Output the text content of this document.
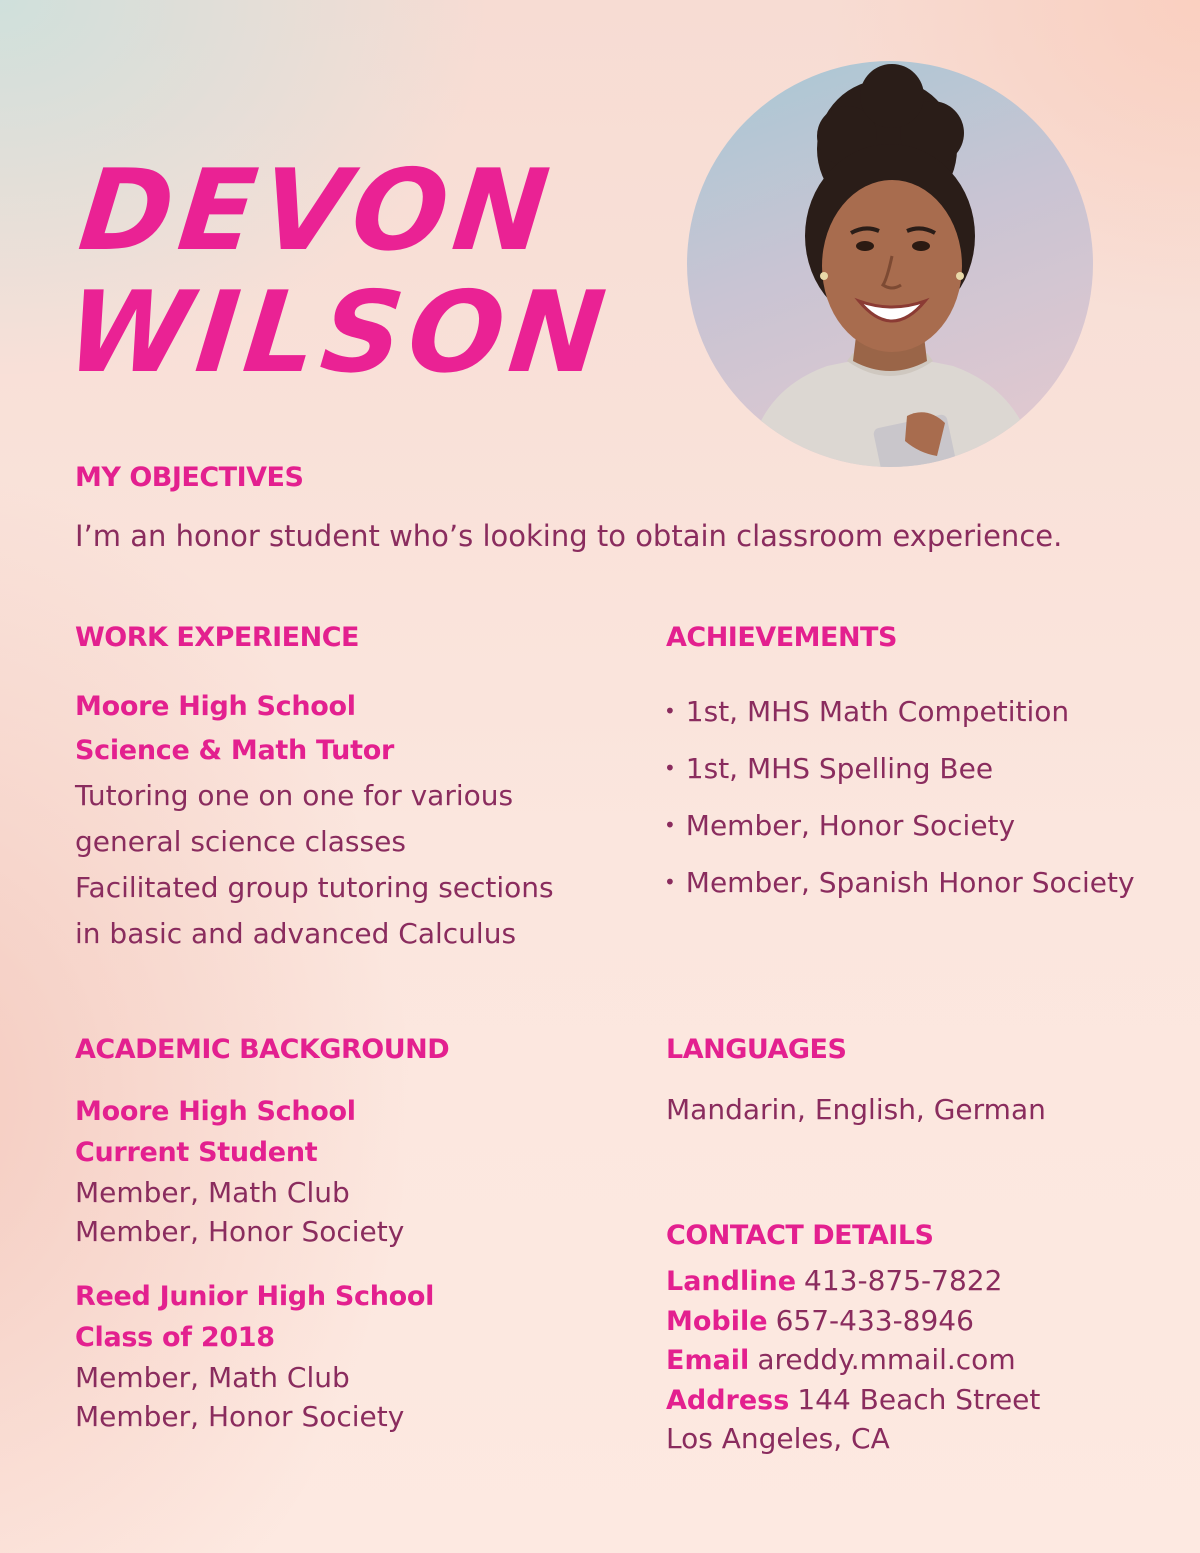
DEVON
WILSON
MY OBJECTIVES

I’m an honor student who’s looking to obtain classroom experience.

WORK EXPERIENCE
Moore High School
Science & Math Tutor
Tutoring one on one for various
general science classes
Facilitated group tutoring sections
in basic and advanced Calculus
ACHIEVEMENTS
• 1st, MHS Math Competition
• 1st, MHS Spelling Bee
• Member, Honor Society
• Member, Spanish Honor Society
ACADEMIC BACKGROUND
Moore High School
Current Student
Member, Math Club
Member, Honor Society
Reed Junior High School
Class of 2018
Member, Math Club
Member, Honor Society
LANGUAGES

Mandarin, English, German

CONTACT DETAILS
Landline 413-875-7822
Mobile 657-433-8946
Email areddy.mmail.com
Address 144 Beach Street
Los Angeles, CA
